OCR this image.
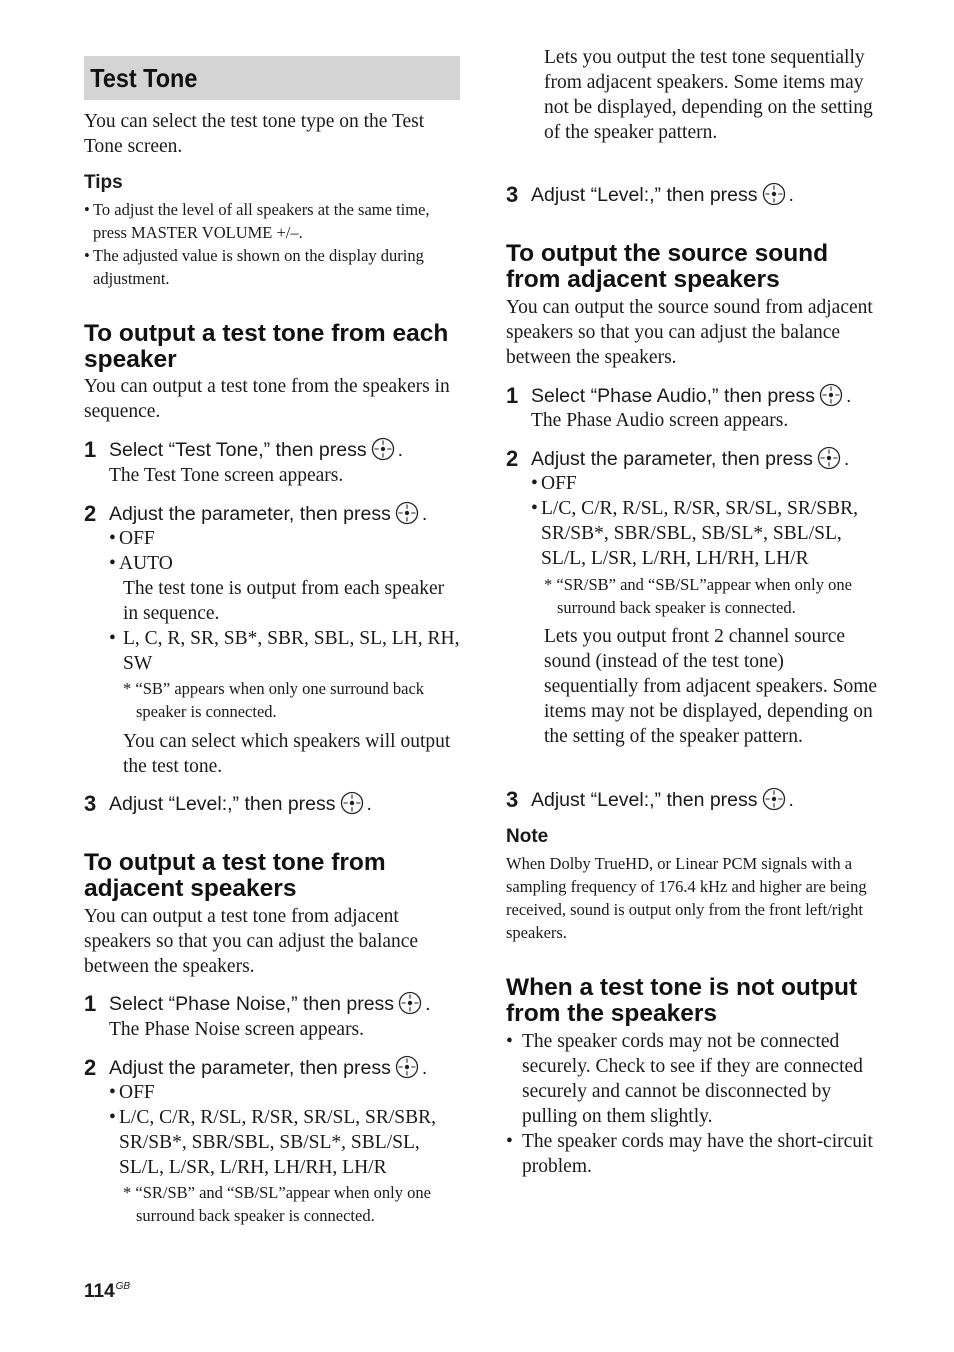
Test Tone
You can select the test tone type on the Test Tone screen.
Tips
• To adjust the level of all speakers at the same time, press MASTER VOLUME +/–.
• The adjusted value is shown on the display during adjustment.
To output a test tone from each speaker
You can output a test tone from the speakers in sequence.
1 Select “Test Tone,” then press .
The Test Tone screen appears.
2 Adjust the parameter, then press .
• OFF
• AUTO
The test tone is output from each speaker in sequence.
• L, C, R, SR, SB*, SBR, SBL, SL, LH, RH, SW
* “SB” appears when only one surround back speaker is connected.
You can select which speakers will output the test tone.
3 Adjust “Level:,” then press .
To output a test tone from adjacent speakers
You can output a test tone from adjacent speakers so that you can adjust the balance between the speakers.
1 Select “Phase Noise,” then press .
The Phase Noise screen appears.
2 Adjust the parameter, then press .
• OFF
• L/C, C/R, R/SL, R/SR, SR/SL, SR/SBR, SR/SB*, SBR/SBL, SB/SL*, SBL/SL, SL/L, L/SR, L/RH, LH/RH, LH/R
* “SR/SB” and “SB/SL”appear when only one surround back speaker is connected.
Lets you output the test tone sequentially from adjacent speakers. Some items may not be displayed, depending on the setting of the speaker pattern.
3 Adjust “Level:,” then press .
To output the source sound from adjacent speakers
You can output the source sound from adjacent speakers so that you can adjust the balance between the speakers.
1 Select “Phase Audio,” then press .
The Phase Audio screen appears.
2 Adjust the parameter, then press .
• OFF
• L/C, C/R, R/SL, R/SR, SR/SL, SR/SBR, SR/SB*, SBR/SBL, SB/SL*, SBL/SL, SL/L, L/SR, L/RH, LH/RH, LH/R
* “SR/SB” and “SB/SL”appear when only one surround back speaker is connected.
Lets you output front 2 channel source sound (instead of the test tone) sequentially from adjacent speakers. Some items may not be displayed, depending on the setting of the speaker pattern.
3 Adjust “Level:,” then press .
Note
When Dolby TrueHD, or Linear PCM signals with a sampling frequency of 176.4 kHz and higher are being received, sound is output only from the front left/right speakers.
When a test tone is not output from the speakers
• The speaker cords may not be connected securely. Check to see if they are connected securely and cannot be disconnected by pulling on them slightly.
• The speaker cords may have the short-circuit problem.
$114^{GB}$
